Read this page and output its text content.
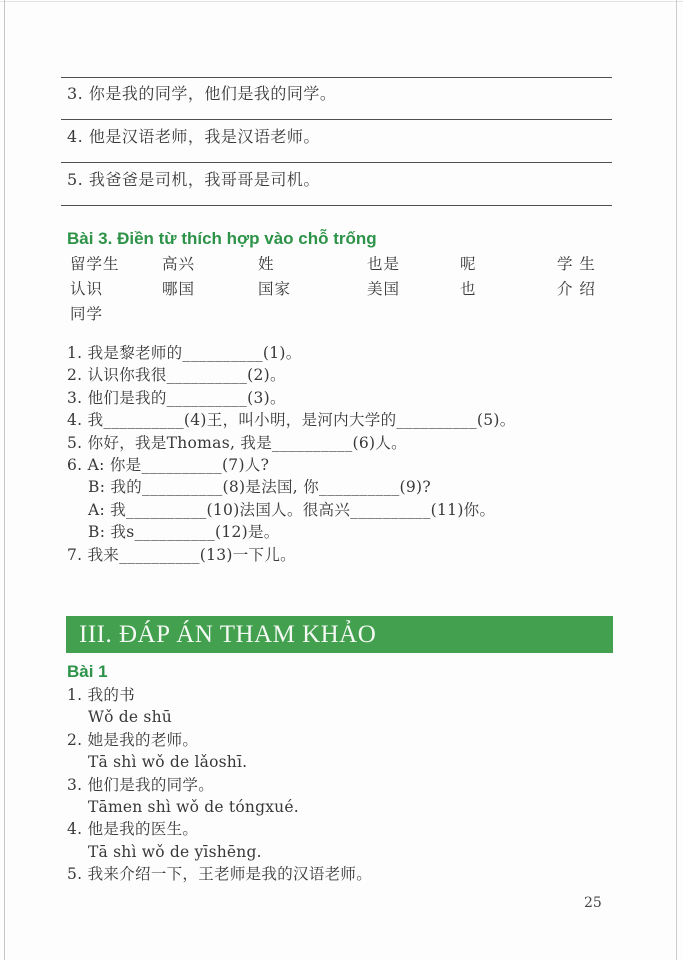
3. 你是我的同学，他们是我的同学。
4. 他是汉语老师，我是汉语老师。
5. 我爸爸是司机，我哥哥是司机。
Bài 3. Điền từ thích hợp vào chỗ trống
留学生	高兴	姓	也是	呢	学 生
认识	哪国	国家	美国	也	介 绍
同学
1. 我是黎老师的__________(1)。
2. 认识你我很__________(2)。
3. 他们是我的__________(3)。
4. 我__________(4)王，叫小明，是河内大学的__________(5)。
5. 你好，我是Thomas, 我是__________(6)人。
6. A: 你是__________(7)人?
B: 我的__________(8)是法国, 你__________(9)?
A: 我__________(10)法国人。很高兴__________(11)你。
B: 我s__________(12)是。
7. 我来__________(13)一下儿。
III. ĐÁP ÁN THAM KHẢO
Bài 1
1. 我的书
Wǒ de shū
2. 她是我的老师。
Tā shì wǒ de lǎoshī.
3. 他们是我的同学。
Tāmen shì wǒ de tóngxué.
4. 他是我的医生。
Tā shì wǒ de yīshēng.
5. 我来介绍一下，王老师是我的汉语老师。
25
